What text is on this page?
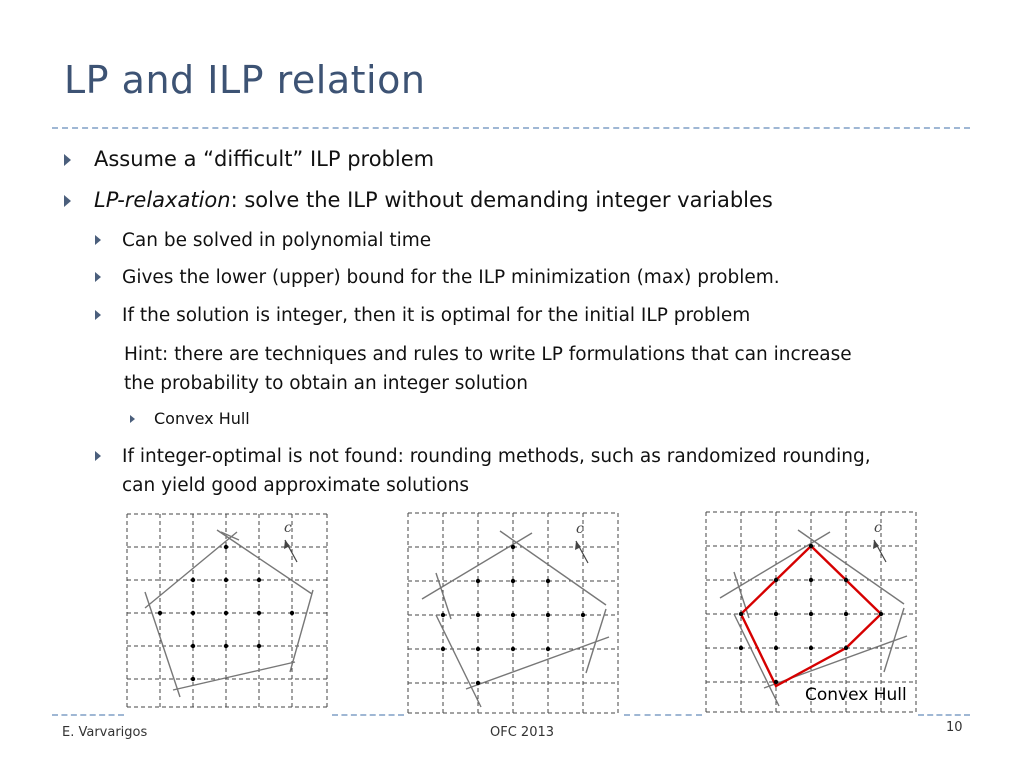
LP and ILP relation
Assume a “difficult” ILP problem
LP-relaxation: solve the ILP without demanding integer variables
Can be solved in polynomial time
Gives the lower (upper) bound for the ILP minimization (max) problem.
If the solution is integer, then it is optimal for the initial ILP problem
Hint: there are techniques and rules to write LP formulations that can increase
the probability to obtain an integer solution
Convex Hull
If integer-optimal is not found: rounding methods, such as randomized rounding,
can yield good approximate solutions
c	c	c
Convex Hull
E. Varvarigos	OFC 2013	10
